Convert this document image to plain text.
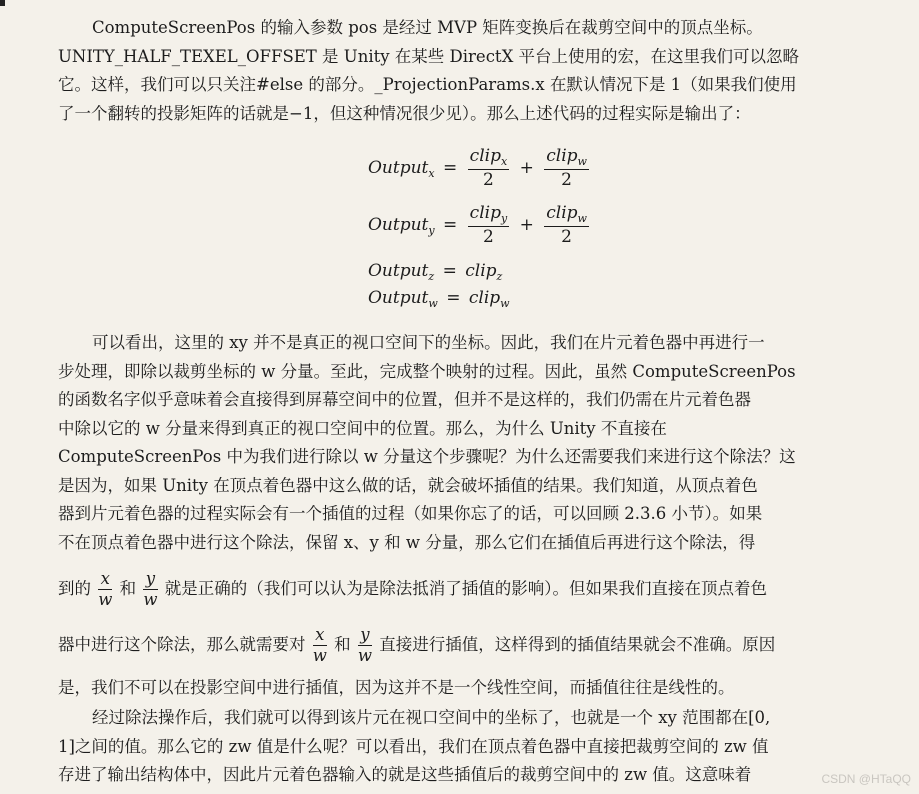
ComputeScreenPos 的输入参数 pos 是经过 MVP 矩阵变换后在裁剪空间中的顶点坐标。
UNITY_HALF_TEXEL_OFFSET 是 Unity 在某些 DirectX 平台上使用的宏，在这里我们可以忽略
它。这样，我们可以只关注#else 的部分。_ProjectionParams.x 在默认情况下是 1（如果我们使用
了一个翻转的投影矩阵的话就是−1，但这种情况很少见）。那么上述代码的过程实际是输出了：
Output$_x$ = $\frac{clip_x}{2} + \frac{clip_w}{2}$
Output$_y$ = $\frac{clip_y}{2} + \frac{clip_w}{2}$
Output$_z$ = clip$_z$
Output$_w$ = clip$_w$
可以看出，这里的 xy 并不是真正的视口空间下的坐标。因此，我们在片元着色器中再进行一
步处理，即除以裁剪坐标的 w 分量。至此，完成整个映射的过程。因此，虽然 ComputeScreenPos
的函数名字似乎意味着会直接得到屏幕空间中的位置，但并不是这样的，我们仍需在片元着色器
中除以它的 w 分量来得到真正的视口空间中的位置。那么，为什么 Unity 不直接在
ComputeScreenPos 中为我们进行除以 w 分量这个步骤呢？为什么还需要我们来进行这个除法？这
是因为，如果 Unity 在顶点着色器中这么做的话，就会破坏插值的结果。我们知道，从顶点着色
器到片元着色器的过程实际会有一个插值的过程（如果你忘了的话，可以回顾 2.3.6 小节）。如果
不在顶点着色器中进行这个除法，保留 x、y 和 w 分量，那么它们在插值后再进行这个除法，得
到的 $\frac{x}{w}$ 和 $\frac{y}{w}$ 就是正确的（我们可以认为是除法抵消了插值的影响）。但如果我们直接在顶点着色
器中进行这个除法，那么就需要对 $\frac{x}{w}$ 和 $\frac{y}{w}$ 直接进行插值，这样得到的插值结果就会不准确。原因
是，我们不可以在投影空间中进行插值，因为这并不是一个线性空间，而插值往往是线性的。
经过除法操作后，我们就可以得到该片元在视口空间中的坐标了，也就是一个 xy 范围都在[0,
1]之间的值。那么它的 zw 值是什么呢？可以看出，我们在顶点着色器中直接把裁剪空间的 zw 值
存进了输出结构体中，因此片元着色器输入的就是这些插值后的裁剪空间中的 zw 值。这意味着	CSDN @HTaQQ
